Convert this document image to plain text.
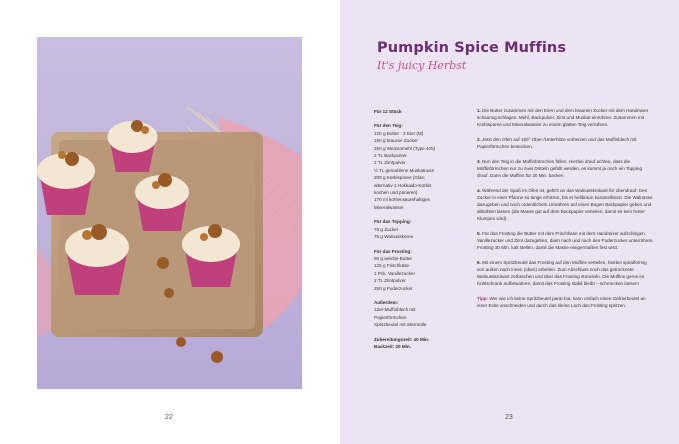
22
Pumpkin Spice Muffins
It's juicy Herbst
Für 12 Stück
Für den Teig:
120 g Butter · 2 Eier (M)
180 g brauner Zucker
250 g Weizenmehl (Type 405)
2 TL Backpulver
2 TL Zimtpulver
½ TL gemahlene Muskatnuss
200 g Kürbispüree (Glas;
alternativ 1 Hokkaido-Kürbis
kochen und pürieren)
170 ml kohlensäurehaltiges
Mineralwasser
Für das Topping:
75 g Zucker
75 g Walnusskerne
Für das Frosting:
60 g weiche Butter
125 g Frischkäse
1 Pck. Vanillezucker
2 TL Zimtpulver
250 g Puderzucker
Außerdem:
12er-Muffinblech mit
Papierförmchen
Spritzbeutel mit Sterntülle
Zubereitungszeit: 40 Min.
Backzeit: 20 Min.

1. Die Butter zusammen mit den Eiern und dem braunen Zucker mit dem Handmixer schaumig schlagen. Mehl, Backpulver, Zimt und Muskat einrühren. Zusammen mit Kürbispüree und Mineralwasser zu einem glatten Teig verrühren.

2. Jetzt den Ofen auf 180° Ober-/Unterhitze vorheizen und das Muffinblech mit Papierförmchen bestücken.

3. Nun den Teig in die Muffinförmchen füllen. Hierbei drauf achten, dass die Muffinförmchen nur zu zwei Dritteln gefüllt werden, es kommt ja noch ein Topping drauf. Dann die Muffins für 20 Min. backen.

4. Während der Spaß im Ofen ist, geht's an das Walnusskrokant für obendrauf: Den Zucker in einer Pfanne so lange erhitzen, bis er hellbraun karamellisiert. Die Walnüsse dazugeben und noch ordentlichem Umrühren auf einen Bogen Backpapier geben und abkühlen lassen (die Masse gut auf dem Backpapier verteilen, damit es kein fester Klumpen wird).

5. Für das Frosting die Butter mit dem Frischkäse mit dem Handmixer aufschlagen. Vanillezucker und Zimt dazugeben, dann nach und nach den Puderzucker unterrühren. Frosting 30 Min. kalt stellen, damit die Masse einigermaßen fest wird.

6. Mit einem Spritzbeutel das Frosting auf den Muffins verteilen, hierbei spiralförmig von außen nach innen (oben) arbeiten. Zum Abschluss noch das getrocknete Walnusskrokant zerbrechen und über das Frosting streuseln. Die Muffins gerne im Kühlschrank aufbewahren, damit das Frosting stabil bleibt – schmecken lassen!

Tipp: Wer wie ich keine Spritzbeutel parat hat, kann einfach einen Gefrierbeutel an einer Ecke anschneiden und durch das kleine Loch das Frosting spritzen.

23
